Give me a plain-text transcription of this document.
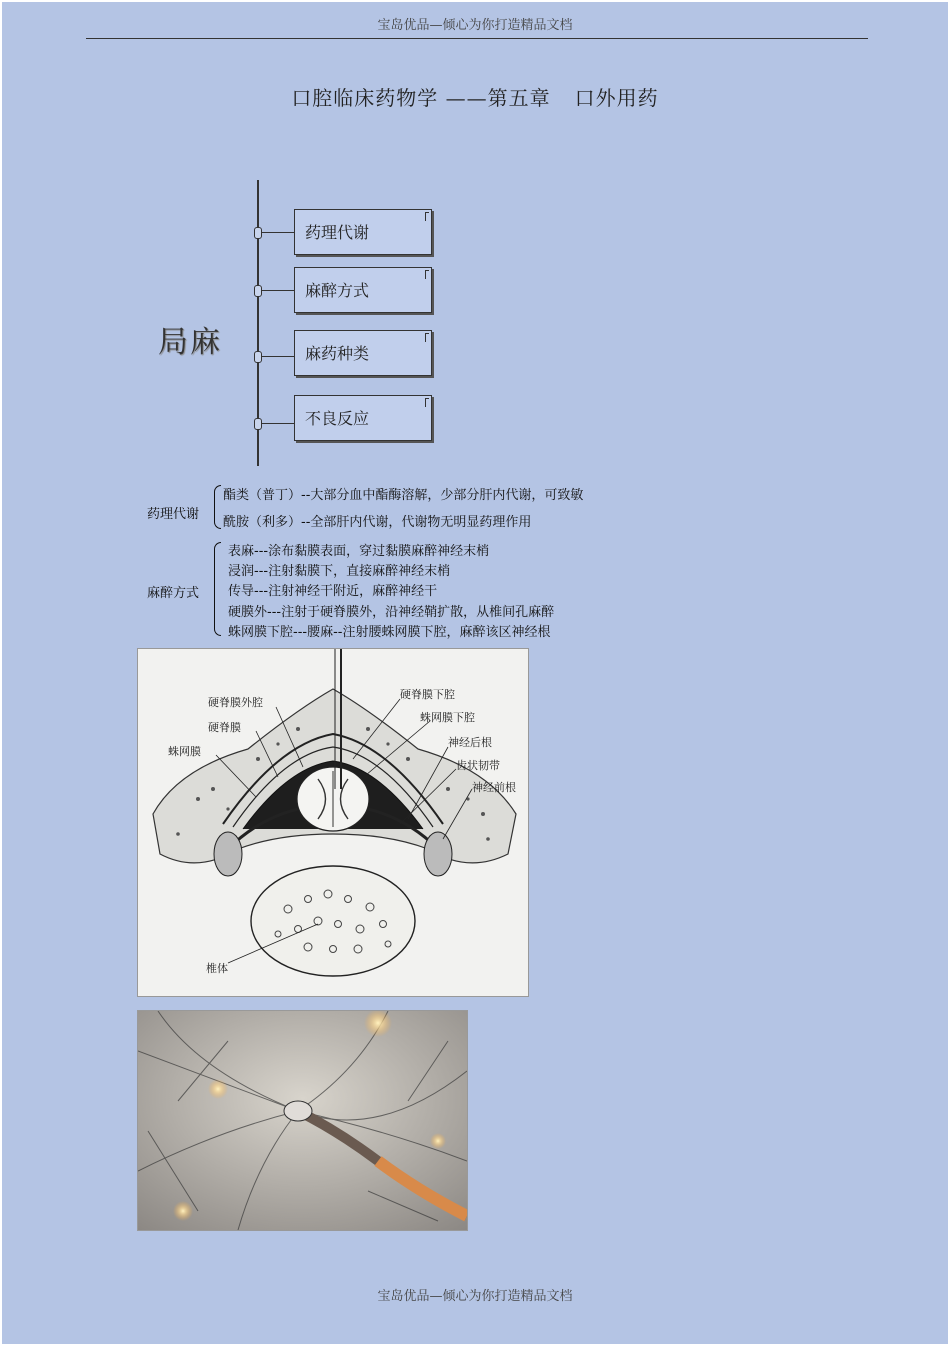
宝岛优品—倾心为你打造精品文档
口腔临床药物学 ——第五章 口外用药
局麻
药理代谢
麻醉方式
麻药种类
不良反应
药理代谢
酯类（普丁）--大部分血中酯酶溶解，少部分肝内代谢，可致敏
酰胺（利多）--全部肝内代谢，代谢物无明显药理作用
麻醉方式
表麻---涂布黏膜表面，穿过黏膜麻醉神经末梢
浸润---注射黏膜下，直接麻醉神经末梢
传导---注射神经干附近，麻醉神经干
硬膜外---注射于硬脊膜外，沿神经鞘扩散，从椎间孔麻醉
蛛网膜下腔---腰麻--注射腰蛛网膜下腔，麻醉该区神经根
硬脊膜外腔
硬脊膜
蛛网膜
硬脊膜下腔
蛛网膜下腔
神经后根
齿状韧带
神经前根
椎体
宝岛优品—倾心为你打造精品文档
